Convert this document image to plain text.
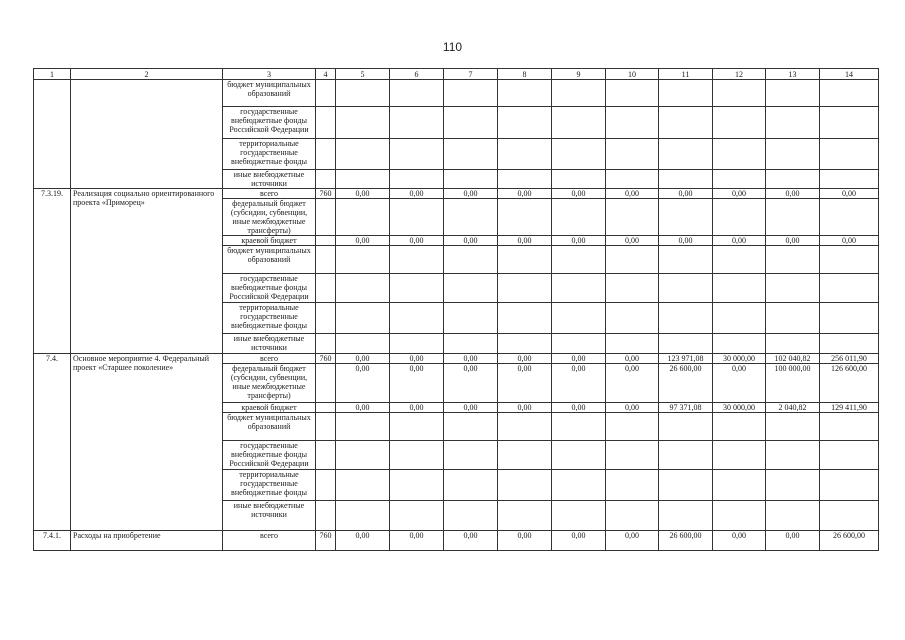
110
1	2	3	4	5	6	7	8	9	10	11	12	13	14
		бюджет муниципальных образований											
		государственные внебюджетные фонды Российской Федерации											
		территориальные государственные внебюджетные фонды											
		иные внебюджетные источники											
7.3.19.	Реализация социально ориентированного проекта «Приморец»	всего	760	0,00	0,00	0,00	0,00	0,00	0,00	0,00	0,00	0,00	0,00
		федеральный бюджет (субсидии, субвенции, иные межбюджетные трансферты)											
		краевой бюджет		0,00	0,00	0,00	0,00	0,00	0,00	0,00	0,00	0,00	0,00
		бюджет муниципальных образований											
		государственные внебюджетные фонды Российской Федерации											
		территориальные государственные внебюджетные фонды											
		иные внебюджетные источники											
7.4.	Основное мероприятие 4. Федеральный проект «Старшее поколение»	всего	760	0,00	0,00	0,00	0,00	0,00	0,00	123 971,08	30 000,00	102 040,82	256 011,90
		федеральный бюджет (субсидии, субвенции, иные межбюджетные трансферты)		0,00	0,00	0,00	0,00	0,00	0,00	26 600,00	0,00	100 000,00	126 600,00
		краевой бюджет		0,00	0,00	0,00	0,00	0,00	0,00	97 371,08	30 000,00	2 040,82	129 411,90
		бюджет муниципальных образований											
		государственные внебюджетные фонды Российской Федерации											
		территориальные государственные внебюджетные фонды											
		иные внебюджетные источники											
7.4.1.	Расходы на приобретение	всего	760	0,00	0,00	0,00	0,00	0,00	0,00	26 600,00	0,00	0,00	26 600,00
